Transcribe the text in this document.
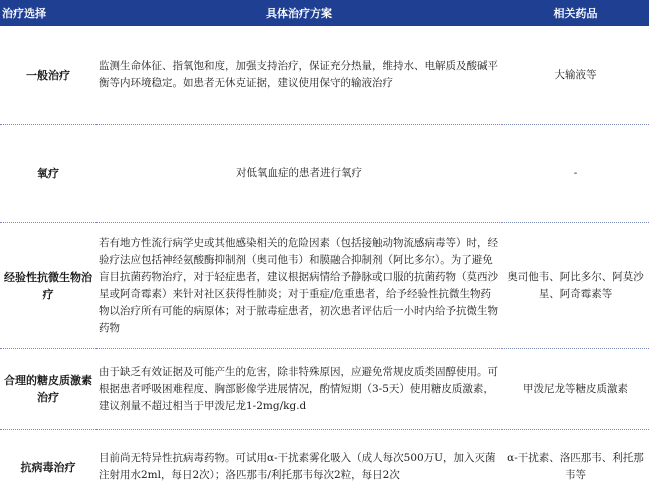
治疗选择	具体治疗方案	相关药品
一般治疗	监测生命体征、指氧饱和度，加强支持治疗，保证充分热量，维持水、电解质及酸碱平衡等内环境稳定。如患者无休克证据，建议使用保守的输液治疗	大输液等
氧疗	对低氧血症的患者进行氧疗	-
经验性抗微生物治疗	若有地方性流行病学史或其他感染相关的危险因素（包括接触动物流感病毒等）时，经验疗法应包括神经氨酸酶抑制剂（奥司他韦）和膜融合抑制剂（阿比多尔）。为了避免盲目抗菌药物治疗，对于轻症患者，建议根据病情给予静脉或口服的抗菌药物（莫西沙星或阿奇霉素）来针对社区获得性肺炎；对于重症/危重患者，给予经验性抗微生物药物以治疗所有可能的病原体；对于脓毒症患者，初次患者评估后一小时内给予抗微生物药物	奥司他韦、阿比多尔、阿莫沙星、阿奇霉素等
合理的糖皮质激素治疗	由于缺乏有效证据及可能产生的危害，除非特殊原因，应避免常规皮质类固醇使用。可根据患者呼吸困难程度、胸部影像学进展情况，酌情短期（3-5天）使用糖皮质激素，建议剂量不超过相当于甲泼尼龙1-2mg/kg.d	甲泼尼龙等糖皮质激素
抗病毒治疗	目前尚无特异性抗病毒药物。可试用α-干扰素雾化吸入（成人每次500万U，加入灭菌注射用水2ml，每日2次）；洛匹那韦/利托那韦每次2粒，每日2次	α-干扰素、洛匹那韦、利托那韦等
